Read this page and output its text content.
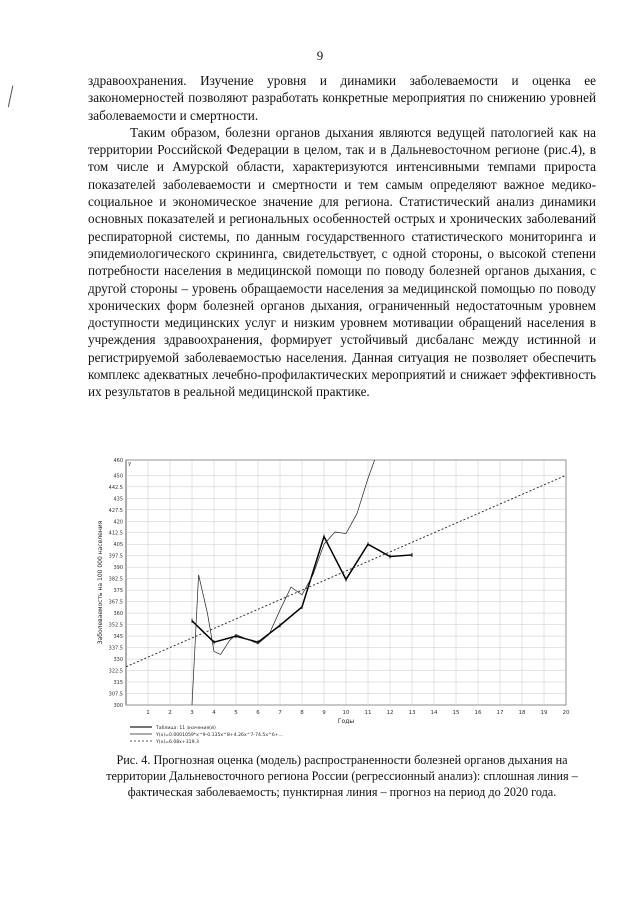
9

здравоохранения. Изучение уровня и динамики заболеваемости и оценка ее закономерностей позволяют разработать конкретные мероприятия по снижению уровней заболеваемости и смертности.

Таким образом, болезни органов дыхания являются ведущей патологией как на территории Российской Федерации в целом, так и в Дальневосточном регионе (рис.4), в том числе и Амурской области, характеризуются интенсивными темпами прироста показателей заболеваемости и смертности и тем самым определяют важное медико-социальное и экономическое значение для региона. Статистический анализ динамики основных показателей и региональных особенностей острых и хронических заболеваний респираторной системы, по данным государственного статистического мониторинга и эпидемиологического скрининга, свидетельствует, с одной стороны, о высокой степени потребности населения в медицинской помощи по поводу болезней органов дыхания, с другой стороны – уровень обращаемости населения за медицинской помощью по поводу хронических форм болезней органов дыхания, ограниченный недостаточным уровнем доступности медицинских услуг и низким уровнем мотивации обращений населения в учреждения здравоохранения, формирует устойчивый дисбаланс между истинной и регистрируемой заболеваемостью населения. Данная ситуация не позволяет обеспечить комплекс адекватных лечебно-профилактических мероприятий и снижает эффективность их результатов в реальной медицинской практике.

1	2	3	4	5	6	7	8	9	10	11	12	13	14	15	16	17	18	19	20
300
307.5
315
322.5
330
337.5
345
352.5
360
367.5
375
382.5
390
397.5
405
412.5
420
427.5
435
442.5
450
460 y
Заболеваемость на 100 000 населения
Годы
Таблица: 11 значения(й)
Y(x)=0.0001059*x^9-0.135x^8+4.26x^7-74.5x^6+...
Y(x)=6.08x+319.3
Рис. 4. Прогнозная оценка (модель) распространенности болезней органов дыхания на территории Дальневосточного региона России (регрессионный анализ): сплошная линия – фактическая заболеваемость; пунктирная линия – прогноз на период до 2020 года.
